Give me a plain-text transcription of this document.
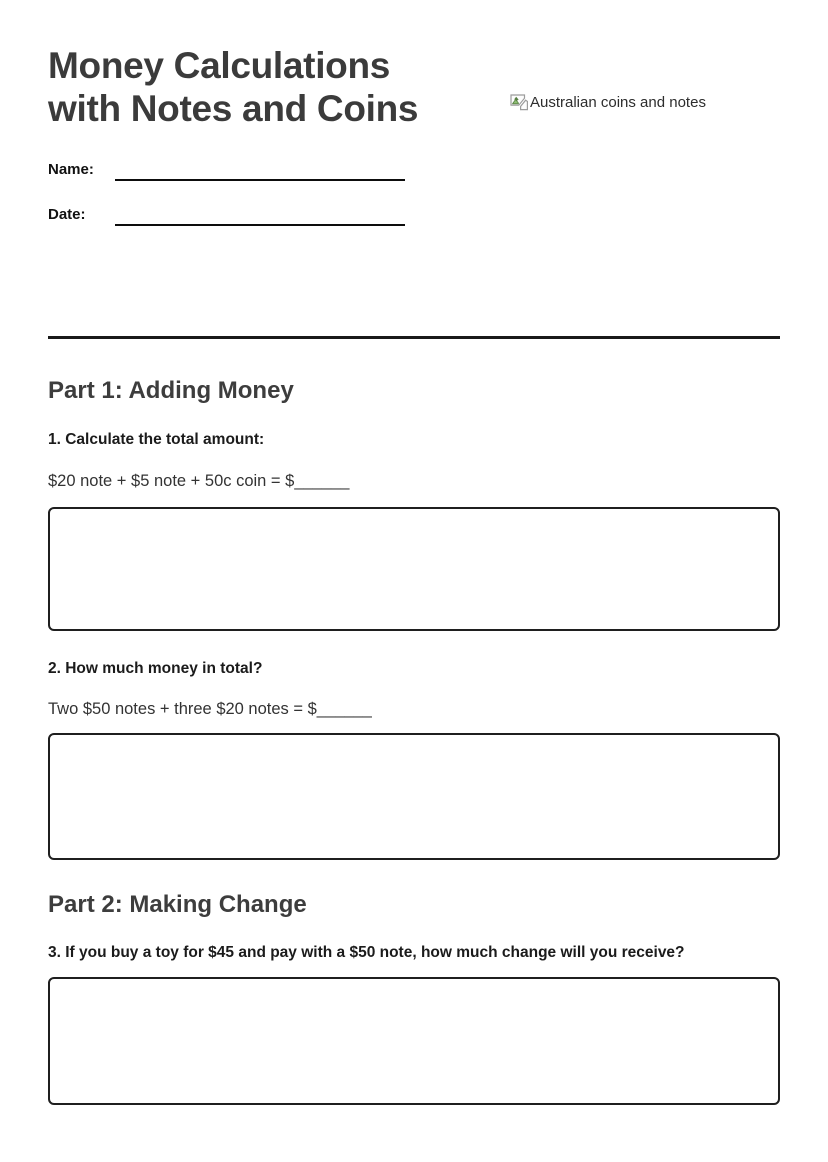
Money Calculations with Notes and Coins	Australian coins and notes
Name:
Date:
Part 1: Adding Money

1. Calculate the total amount:

$20 note + $5 note + 50c coin = $______

2. How much money in total?

Two $50 notes + three $20 notes = $______

Part 2: Making Change

3. If you buy a toy for $45 and pay with a $50 note, how much change will you receive?
